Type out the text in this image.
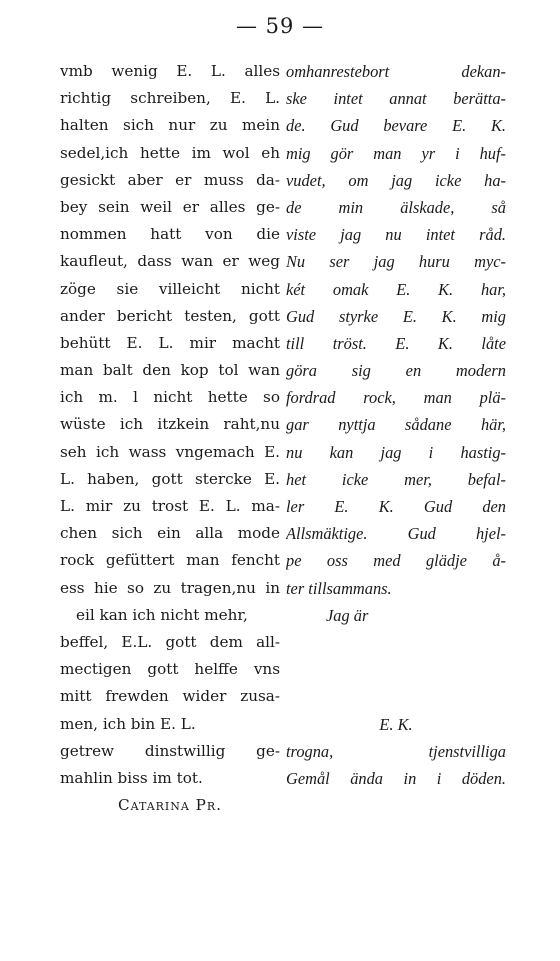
— 59 —
vmb wenig E. L. alles
richtig schreiben, E. L.
halten sich nur zu mein
sedel,ich hette im wol eh
gesickt aber er muss da-
bey sein weil er alles ge-
nommen hatt von die
kaufleut, dass wan er weg
zöge sie villeicht nicht
ander bericht testen, gott
behütt E. L. mir macht
man balt den kop tol wan
ich m. l nicht hette so
wüste ich itzkein raht,nu
seh ich wass vngemach E.
L. haben, gott stercke E.
L. mir zu trost E. L. ma-
chen sich ein alla mode
rock gefüttert man fencht
ess hie so zu tragen,nu in
eil kan ich nicht mehr,
beffel, E.L. gott dem all-
mectigen gott helffe vns
mitt frewden wider zusa-
men, ich bin E. L.
getrew dinstwillig ge-
mahlin biss im tot.
Catarina Pr.
omhanrestebort dekan-
ske intet annat berätta-
de. Gud bevare E. K.
mig gör man yr i huf-
vudet, om jag icke ha-
de min älskade, så
viste jag nu intet råd.
Nu ser jag huru myc-
két omak E. K. har,
Gud styrke E. K. mig
till tröst. E. K. låte
göra sig en modern
fordrad rock, man plä-
gar nyttja sådane här,
nu kan jag i hastig-
het icke mer, befal-
ler E. K. Gud den
Allsmäktige. Gud hjel-
pe oss med glädje å-
ter tillsammans.
Jag är
E. K.
trogna, tjenstvilliga
Gemål ända in i döden.
